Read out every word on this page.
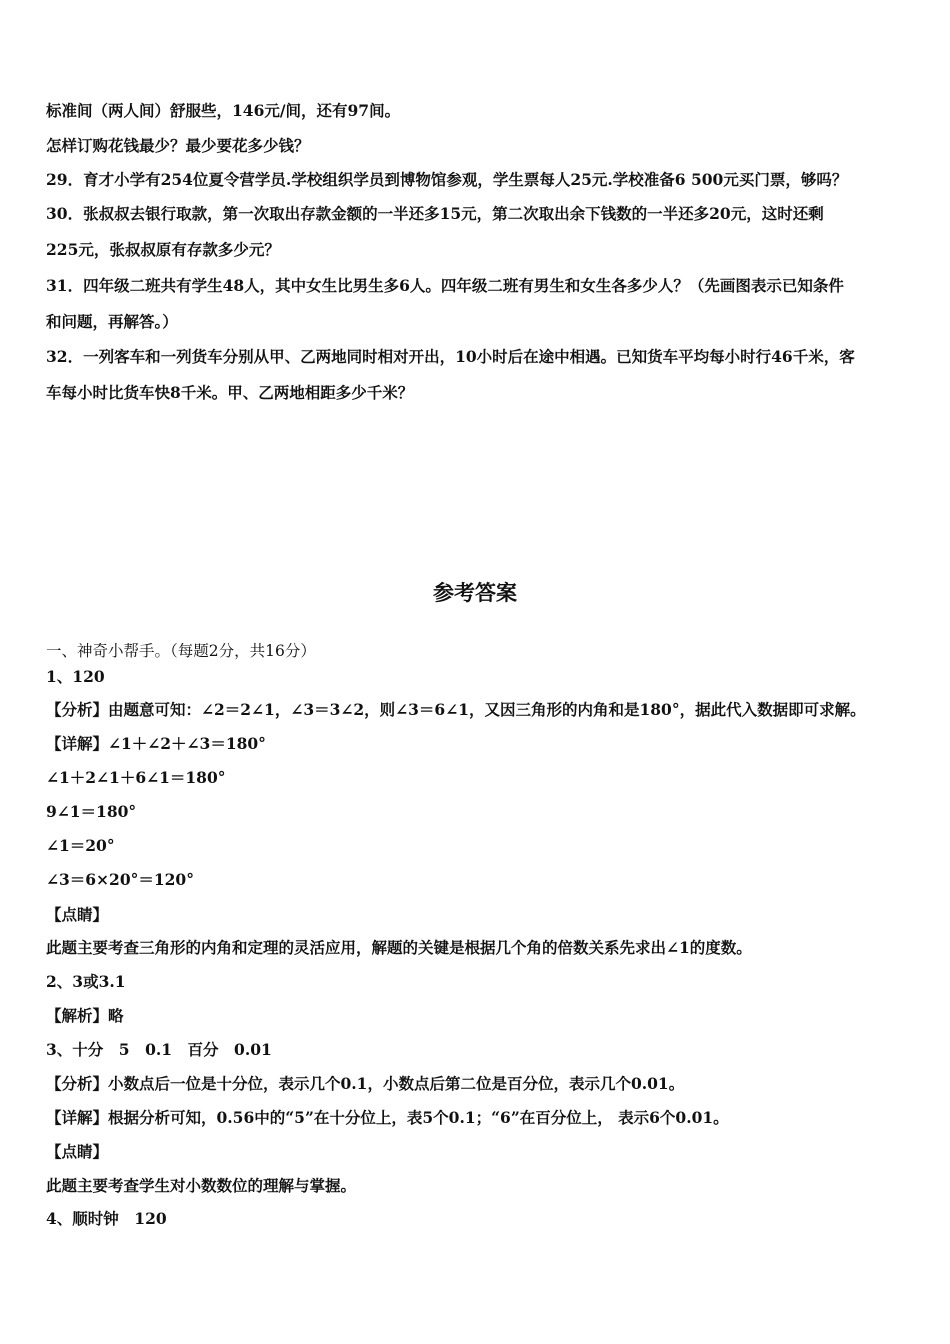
标准间（两人间）舒服些，146元/间，还有97间。
怎样订购花钱最少？最少要花多少钱？
29．育才小学有254位夏令营学员.学校组织学员到博物馆参观，学生票每人25元.学校准备6 500元买门票，够吗？
30．张叔叔去银行取款，第一次取出存款金额的一半还多15元，第二次取出余下钱数的一半还多20元，这时还剩
225元，张叔叔原有存款多少元？
31．四年级二班共有学生48人，其中女生比男生多6人。四年级二班有男生和女生各多少人？（先画图表示已知条件
和问题，再解答。）
32．一列客车和一列货车分别从甲、乙两地同时相对开出，10小时后在途中相遇。已知货车平均每小时行46千米，客
车每小时比货车快8千米。甲、乙两地相距多少千米？
参考答案
一、神奇小帮手。（每题2分，共16分）
1、120
【分析】由题意可知：∠2＝2∠1，∠3＝3∠2，则∠3＝6∠1，又因三角形的内角和是180°，据此代入数据即可求解。
【详解】∠1＋∠2＋∠3＝180°
∠1＋2∠1＋6∠1＝180°
9∠1＝180°
∠1＝20°
∠3＝6×20°＝120°
【点睛】
此题主要考查三角形的内角和定理的灵活应用，解题的关键是根据几个角的倍数关系先求出∠1的度数。
2、3或3.1
【解析】略
3、十分　5　0.1　百分　0.01
【分析】小数点后一位是十分位，表示几个0.1，小数点后第二位是百分位，表示几个0.01。
【详解】根据分析可知，0.56中的“5”在十分位上，表5个0.1；“6”在百分位上， 表示6个0.01。
【点睛】
此题主要考查学生对小数数位的理解与掌握。
4、顺时钟　120
